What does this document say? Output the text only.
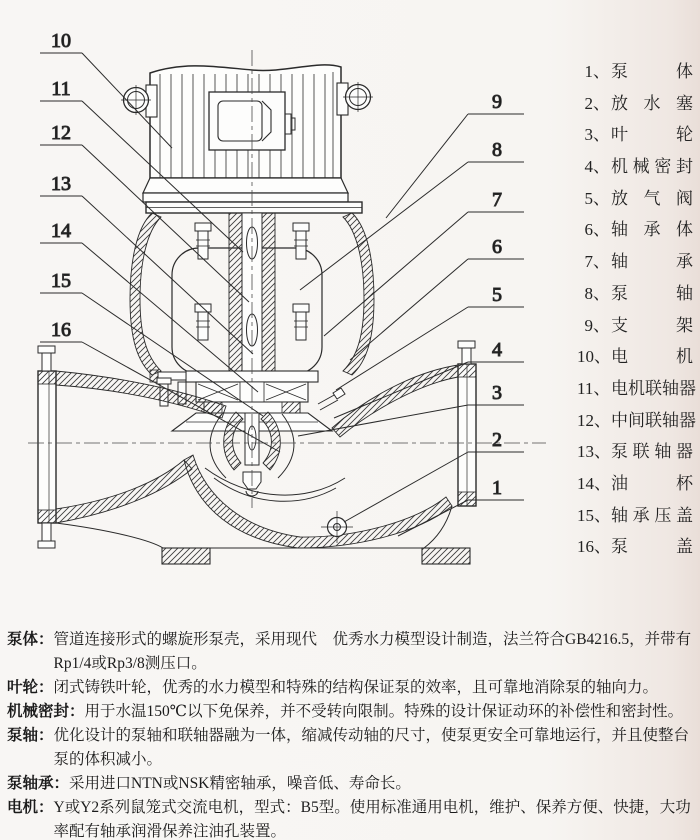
10
11
12
13
14
15
16
9
8
7
6
5
4
3
2
1
1、 泵	体
2、 放 水 塞
3、 叶	轮
4、 机 械 密 封
5、 放 气 阀
6、 轴 承 体
7、 轴	承
8、 泵	轴
9、 支	架
10、 电	机
11、 电 机 联 轴 器
12、 中 间 联 轴 器
13、 泵 联 轴 器
14、 油	杯
15、 轴 承 压 盖
16、 泵	盖
泵体： 管道连接形式的螺旋形泵壳，采用现代　优秀水力模型设计制造，法兰符合GB4216.5，并带有Rp1/4或Rp3/8测压口。

叶轮： 闭式铸铁叶轮，优秀的水力模型和特殊的结构保证泵的效率，且可靠地消除泵的轴向力。

机械密封： 用于水温150℃以下免保养，并不受转向限制。特殊的设计保证动环的补偿性和密封性。

泵轴： 优化设计的泵轴和联轴器融为一体，缩减传动轴的尺寸，使泵更安全可靠地运行，并且使整台泵的体积减小。

泵轴承： 采用进口NTN或NSK精密轴承，噪音低、寿命长。

电机： Y或Y2系列鼠笼式交流电机，型式：B5型。使用标准通用电机，维护、保养方便、快捷，大功率配有轴承润滑保养注油孔装置。
